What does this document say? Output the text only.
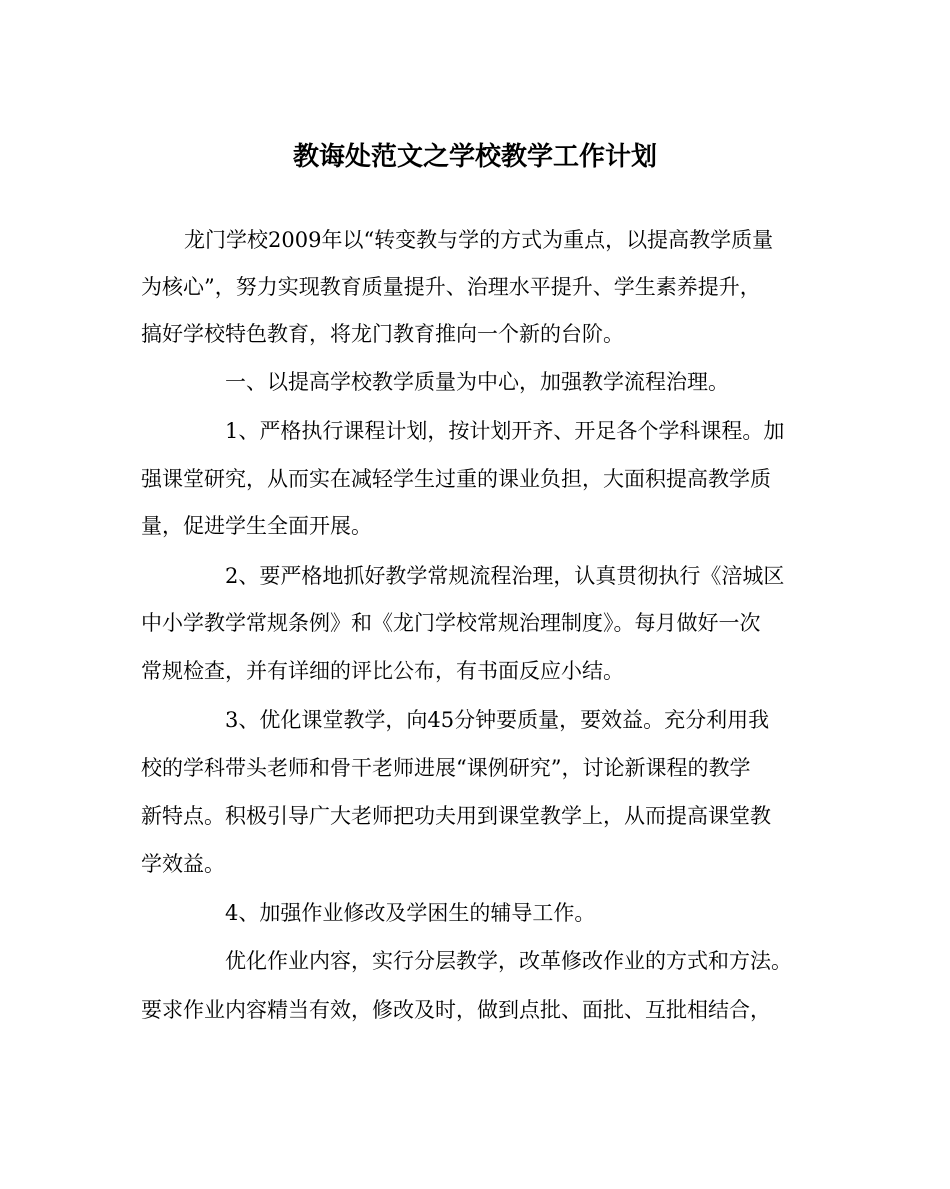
教诲处范文之学校教学工作计划
龙门学校2009年以“转变教与学的方式为重点，以提高教学质量
为核心”，努力实现教育质量提升、治理水平提升、学生素养提升，
搞好学校特色教育，将龙门教育推向一个新的台阶。
一、以提高学校教学质量为中心，加强教学流程治理。
1、严格执行课程计划，按计划开齐、开足各个学科课程。加
强课堂研究，从而实在减轻学生过重的课业负担，大面积提高教学质
量，促进学生全面开展。
2、要严格地抓好教学常规流程治理，认真贯彻执行《涪城区
中小学教学常规条例》和《龙门学校常规治理制度》。每月做好一次
常规检查，并有详细的评比公布，有书面反应小结。
3、优化课堂教学，向45分钟要质量，要效益。充分利用我
校的学科带头老师和骨干老师进展“课例研究”，讨论新课程的教学
新特点。积极引导广大老师把功夫用到课堂教学上，从而提高课堂教
学效益。
4、加强作业修改及学困生的辅导工作。
优化作业内容，实行分层教学，改革修改作业的方式和方法。
要求作业内容精当有效，修改及时，做到点批、面批、互批相结合，
